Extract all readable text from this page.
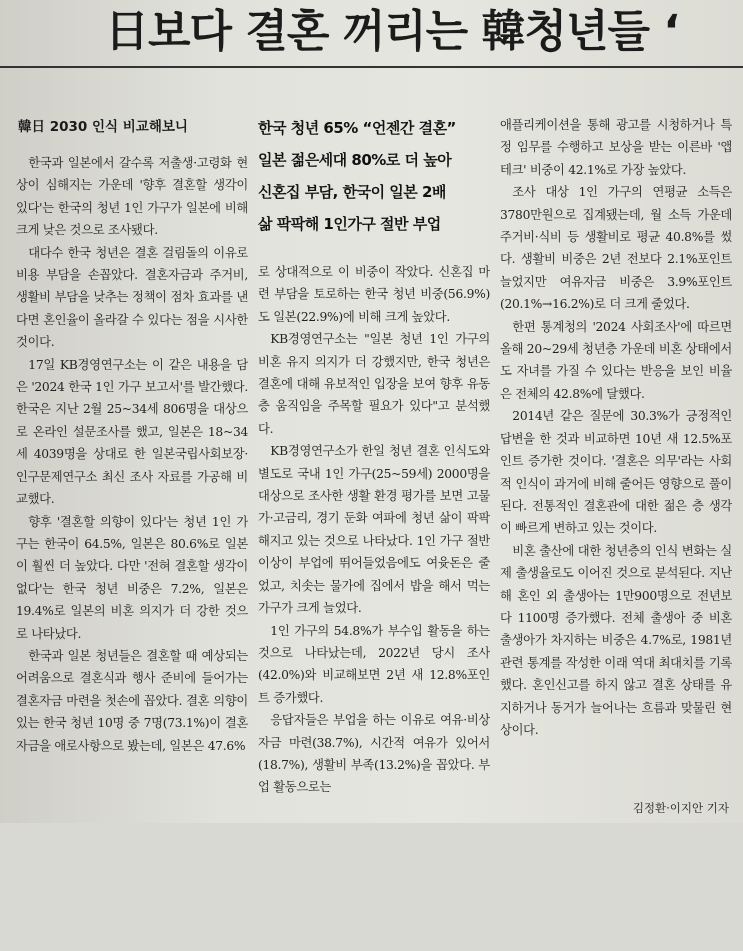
日보다 결혼 꺼리는 韓청년들 ‘
韓日 2030 인식 비교해보니

한국과 일본에서 갈수록 저출생·고령화 현상이 심해지는 가운데 '향후 결혼할 생각이 있다'는 한국의 청년 1인 가구가 일본에 비해 크게 낮은 것으로 조사됐다.

대다수 한국 청년은 결혼 걸림돌의 이유로 비용 부담을 손꼽았다. 결혼자금과 주거비, 생활비 부담을 낮추는 정책이 점차 효과를 낸다면 혼인율이 올라갈 수 있다는 점을 시사한 것이다.

17일 KB경영연구소는 이 같은 내용을 담은 '2024 한국 1인 가구 보고서'를 발간했다. 한국은 지난 2월 25~34세 806명을 대상으로 온라인 설문조사를 했고, 일본은 18~34세 4039명을 상대로 한 일본국립사회보장·인구문제연구소 최신 조사 자료를 가공해 비교했다.

향후 '결혼할 의향이 있다'는 청년 1인 가구는 한국이 64.5%, 일본은 80.6%로 일본이 훨씬 더 높았다. 다만 '전혀 결혼할 생각이 없다'는 한국 청년 비중은 7.2%, 일본은 19.4%로 일본의 비혼 의지가 더 강한 것으로 나타났다.

한국과 일본 청년들은 결혼할 때 예상되는 어려움으로 결혼식과 행사 준비에 들어가는 결혼자금 마련을 첫손에 꼽았다. 결혼 의향이 있는 한국 청년 10명 중 7명(73.1%)이 결혼자금을 애로사항으로 봤는데, 일본은 47.6%

한국 청년 65% “언젠간 결혼”
일본 젊은세대 80%로 더 높아
신혼집 부담, 한국이 일본 2배
삶 팍팍해 1인가구 절반 부업

로 상대적으로 이 비중이 작았다. 신혼집 마련 부담을 토로하는 한국 청년 비중(56.9%)도 일본(22.9%)에 비해 크게 높았다.

KB경영연구소는 "일본 청년 1인 가구의 비혼 유지 의지가 더 강했지만, 한국 청년은 결혼에 대해 유보적인 입장을 보여 향후 유동층 움직임을 주목할 필요가 있다"고 분석했다.

KB경영연구소가 한일 청년 결혼 인식도와 별도로 국내 1인 가구(25~59세) 2000명을 대상으로 조사한 생활 환경 평가를 보면 고물가·고금리, 경기 둔화 여파에 청년 삶이 팍팍해지고 있는 것으로 나타났다. 1인 가구 절반 이상이 부업에 뛰어들었음에도 여윳돈은 줄었고, 치솟는 물가에 집에서 밥을 해서 먹는 가구가 크게 늘었다.

1인 가구의 54.8%가 부수입 활동을 하는 것으로 나타났는데, 2022년 당시 조사(42.0%)와 비교해보면 2년 새 12.8%포인트 증가했다.

응답자들은 부업을 하는 이유로 여유·비상자금 마련(38.7%), 시간적 여유가 있어서(18.7%), 생활비 부족(13.2%)을 꼽았다. 부업 활동으로는

애플리케이션을 통해 광고를 시청하거나 특정 임무를 수행하고 보상을 받는 이른바 '앱테크' 비중이 42.1%로 가장 높았다.

조사 대상 1인 가구의 연평균 소득은 3780만원으로 집계됐는데, 월 소득 가운데 주거비·식비 등 생활비로 평균 40.8%를 썼다. 생활비 비중은 2년 전보다 2.1%포인트 늘었지만 여유자금 비중은 3.9%포인트(20.1%→16.2%)로 더 크게 줄었다.

한편 통계청의 '2024 사회조사'에 따르면 올해 20~29세 청년층 가운데 비혼 상태에서도 자녀를 가질 수 있다는 반응을 보인 비율은 전체의 42.8%에 달했다.

2014년 같은 질문에 30.3%가 긍정적인 답변을 한 것과 비교하면 10년 새 12.5%포인트 증가한 것이다. '결혼은 의무'라는 사회적 인식이 과거에 비해 줄어든 영향으로 풀이된다. 전통적인 결혼관에 대한 젊은 층 생각이 빠르게 변하고 있는 것이다.

비혼 출산에 대한 청년층의 인식 변화는 실제 출생율로도 이어진 것으로 분석된다. 지난해 혼인 외 출생아는 1만900명으로 전년보다 1100명 증가했다. 전체 출생아 중 비혼 출생아가 차지하는 비중은 4.7%로, 1981년 관련 통계를 작성한 이래 역대 최대치를 기록했다. 혼인신고를 하지 않고 결혼 상태를 유지하거나 동거가 늘어나는 흐름과 맞물린 현상이다.

김정환·이지안 기자
